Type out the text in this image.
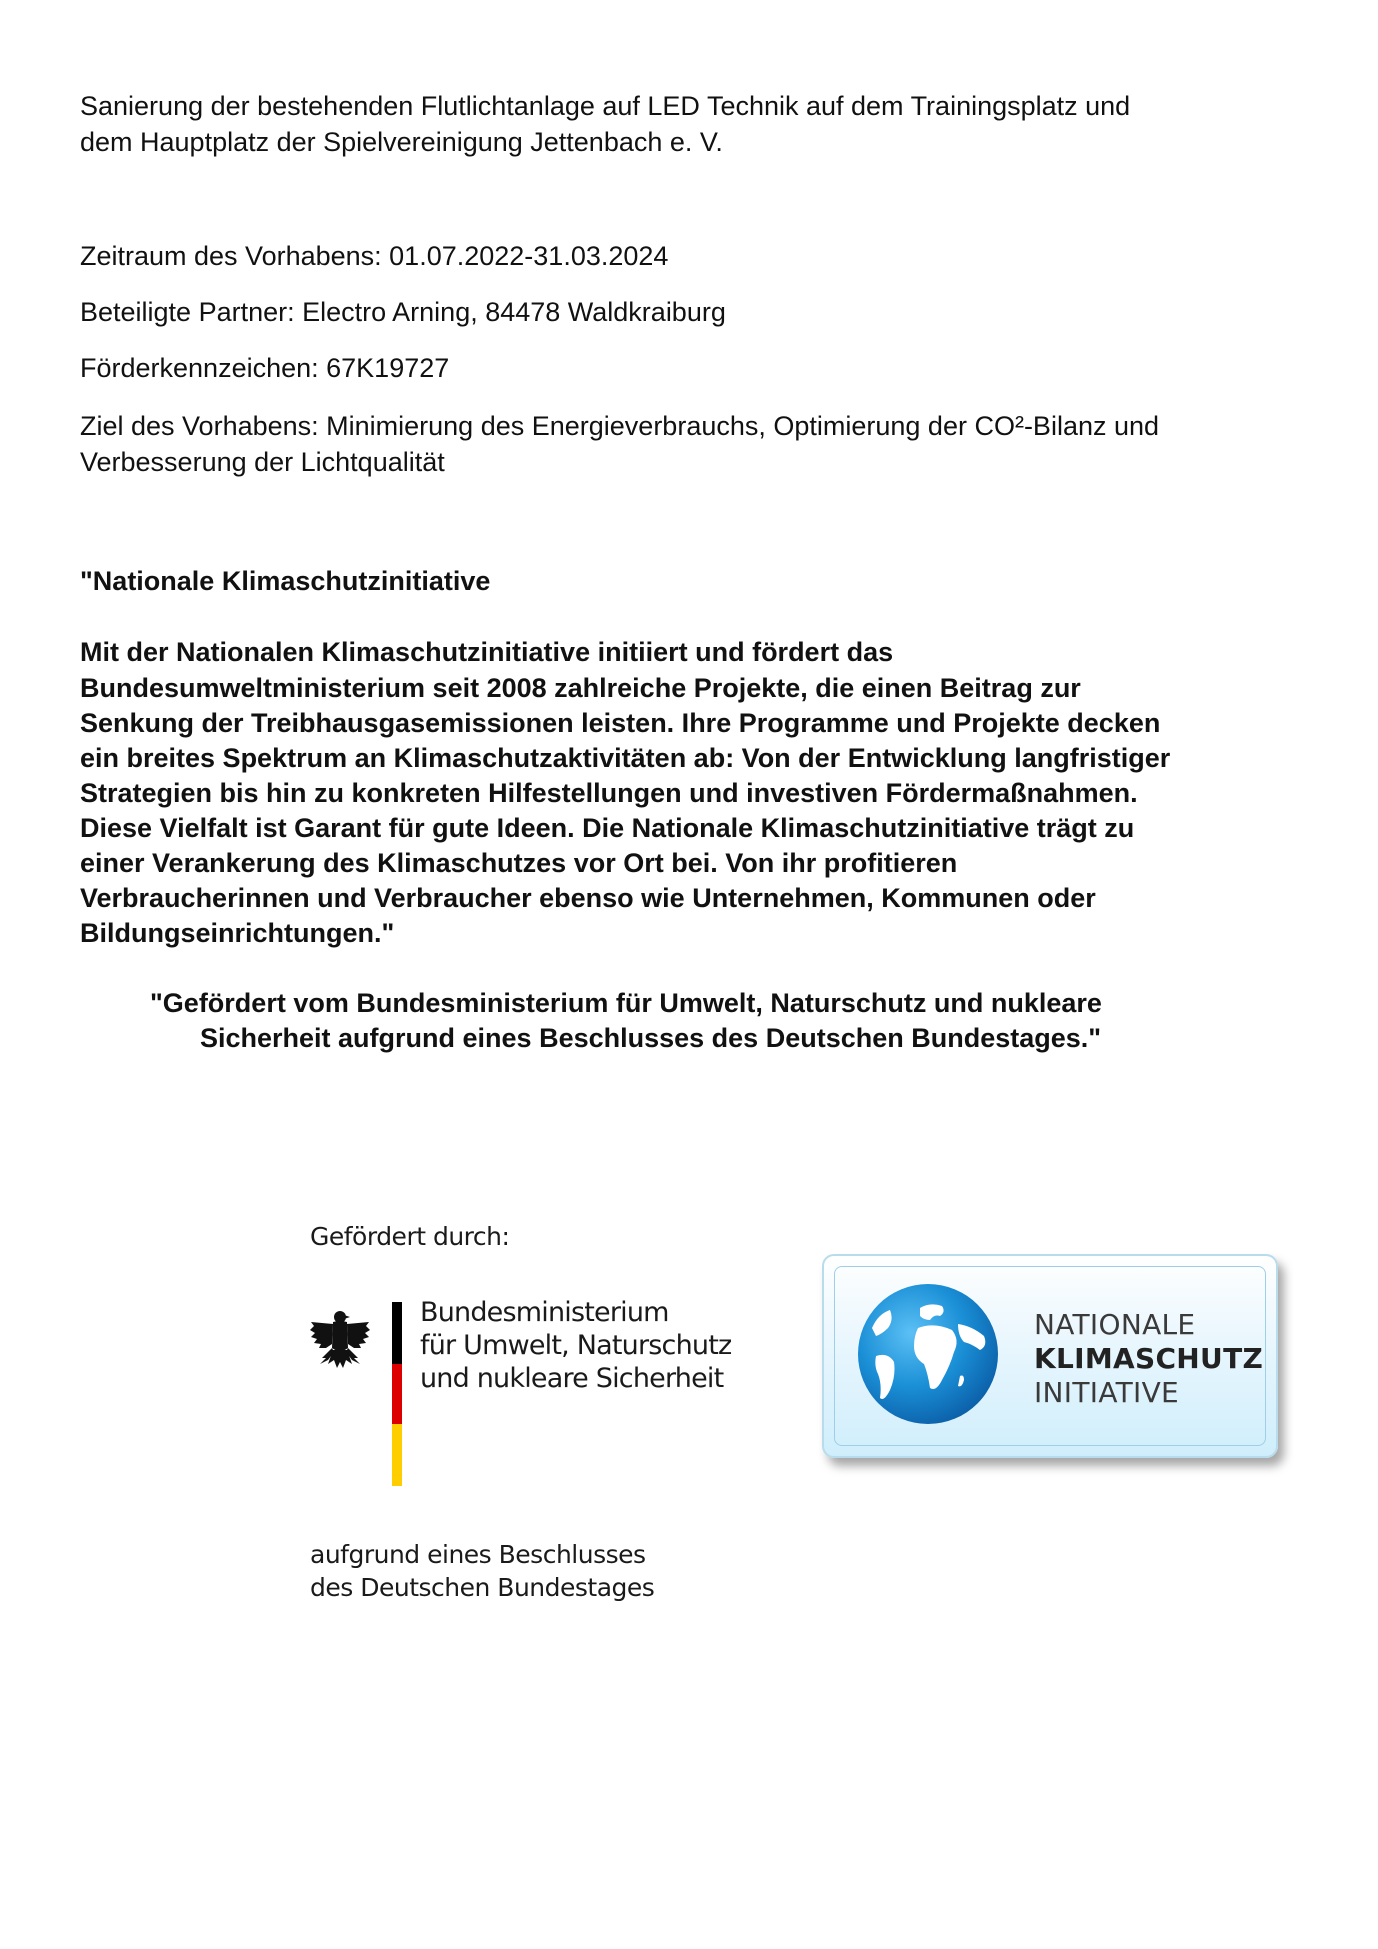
Sanierung der bestehenden Flutlichtanlage auf LED Technik auf dem Trainingsplatz und

dem Hauptplatz der Spielvereinigung Jettenbach e. V.

Zeitraum des Vorhabens: 01.07.2022-31.03.2024

Beteiligte Partner: Electro Arning, 84478 Waldkraiburg

Förderkennzeichen: 67K19727

Ziel des Vorhabens: Minimierung des Energieverbrauchs, Optimierung der CO²-Bilanz und

Verbesserung der Lichtqualität

"Nationale Klimaschutzinitiative

Mit der Nationalen Klimaschutzinitiative initiiert und fördert das

Bundesumweltministerium seit 2008 zahlreiche Projekte, die einen Beitrag zur

Senkung der Treibhausgasemissionen leisten. Ihre Programme und Projekte decken

ein breites Spektrum an Klimaschutzaktivitäten ab: Von der Entwicklung langfristiger

Strategien bis hin zu konkreten Hilfestellungen und investiven Fördermaßnahmen.

Diese Vielfalt ist Garant für gute Ideen. Die Nationale Klimaschutzinitiative trägt zu

einer Verankerung des Klimaschutzes vor Ort bei. Von ihr profitieren

Verbraucherinnen und Verbraucher ebenso wie Unternehmen, Kommunen oder

Bildungseinrichtungen."

"Gefördert vom Bundesministerium für Umwelt, Naturschutz und nukleare

Sicherheit aufgrund eines Beschlusses des Deutschen Bundestages."

Gefördert durch:
Bundesministerium
für Umwelt, Naturschutz
und nukleare Sicherheit
aufgrund eines Beschlusses
des Deutschen Bundestages
NATIONALE
KLIMASCHUTZ
INITIATIVE
